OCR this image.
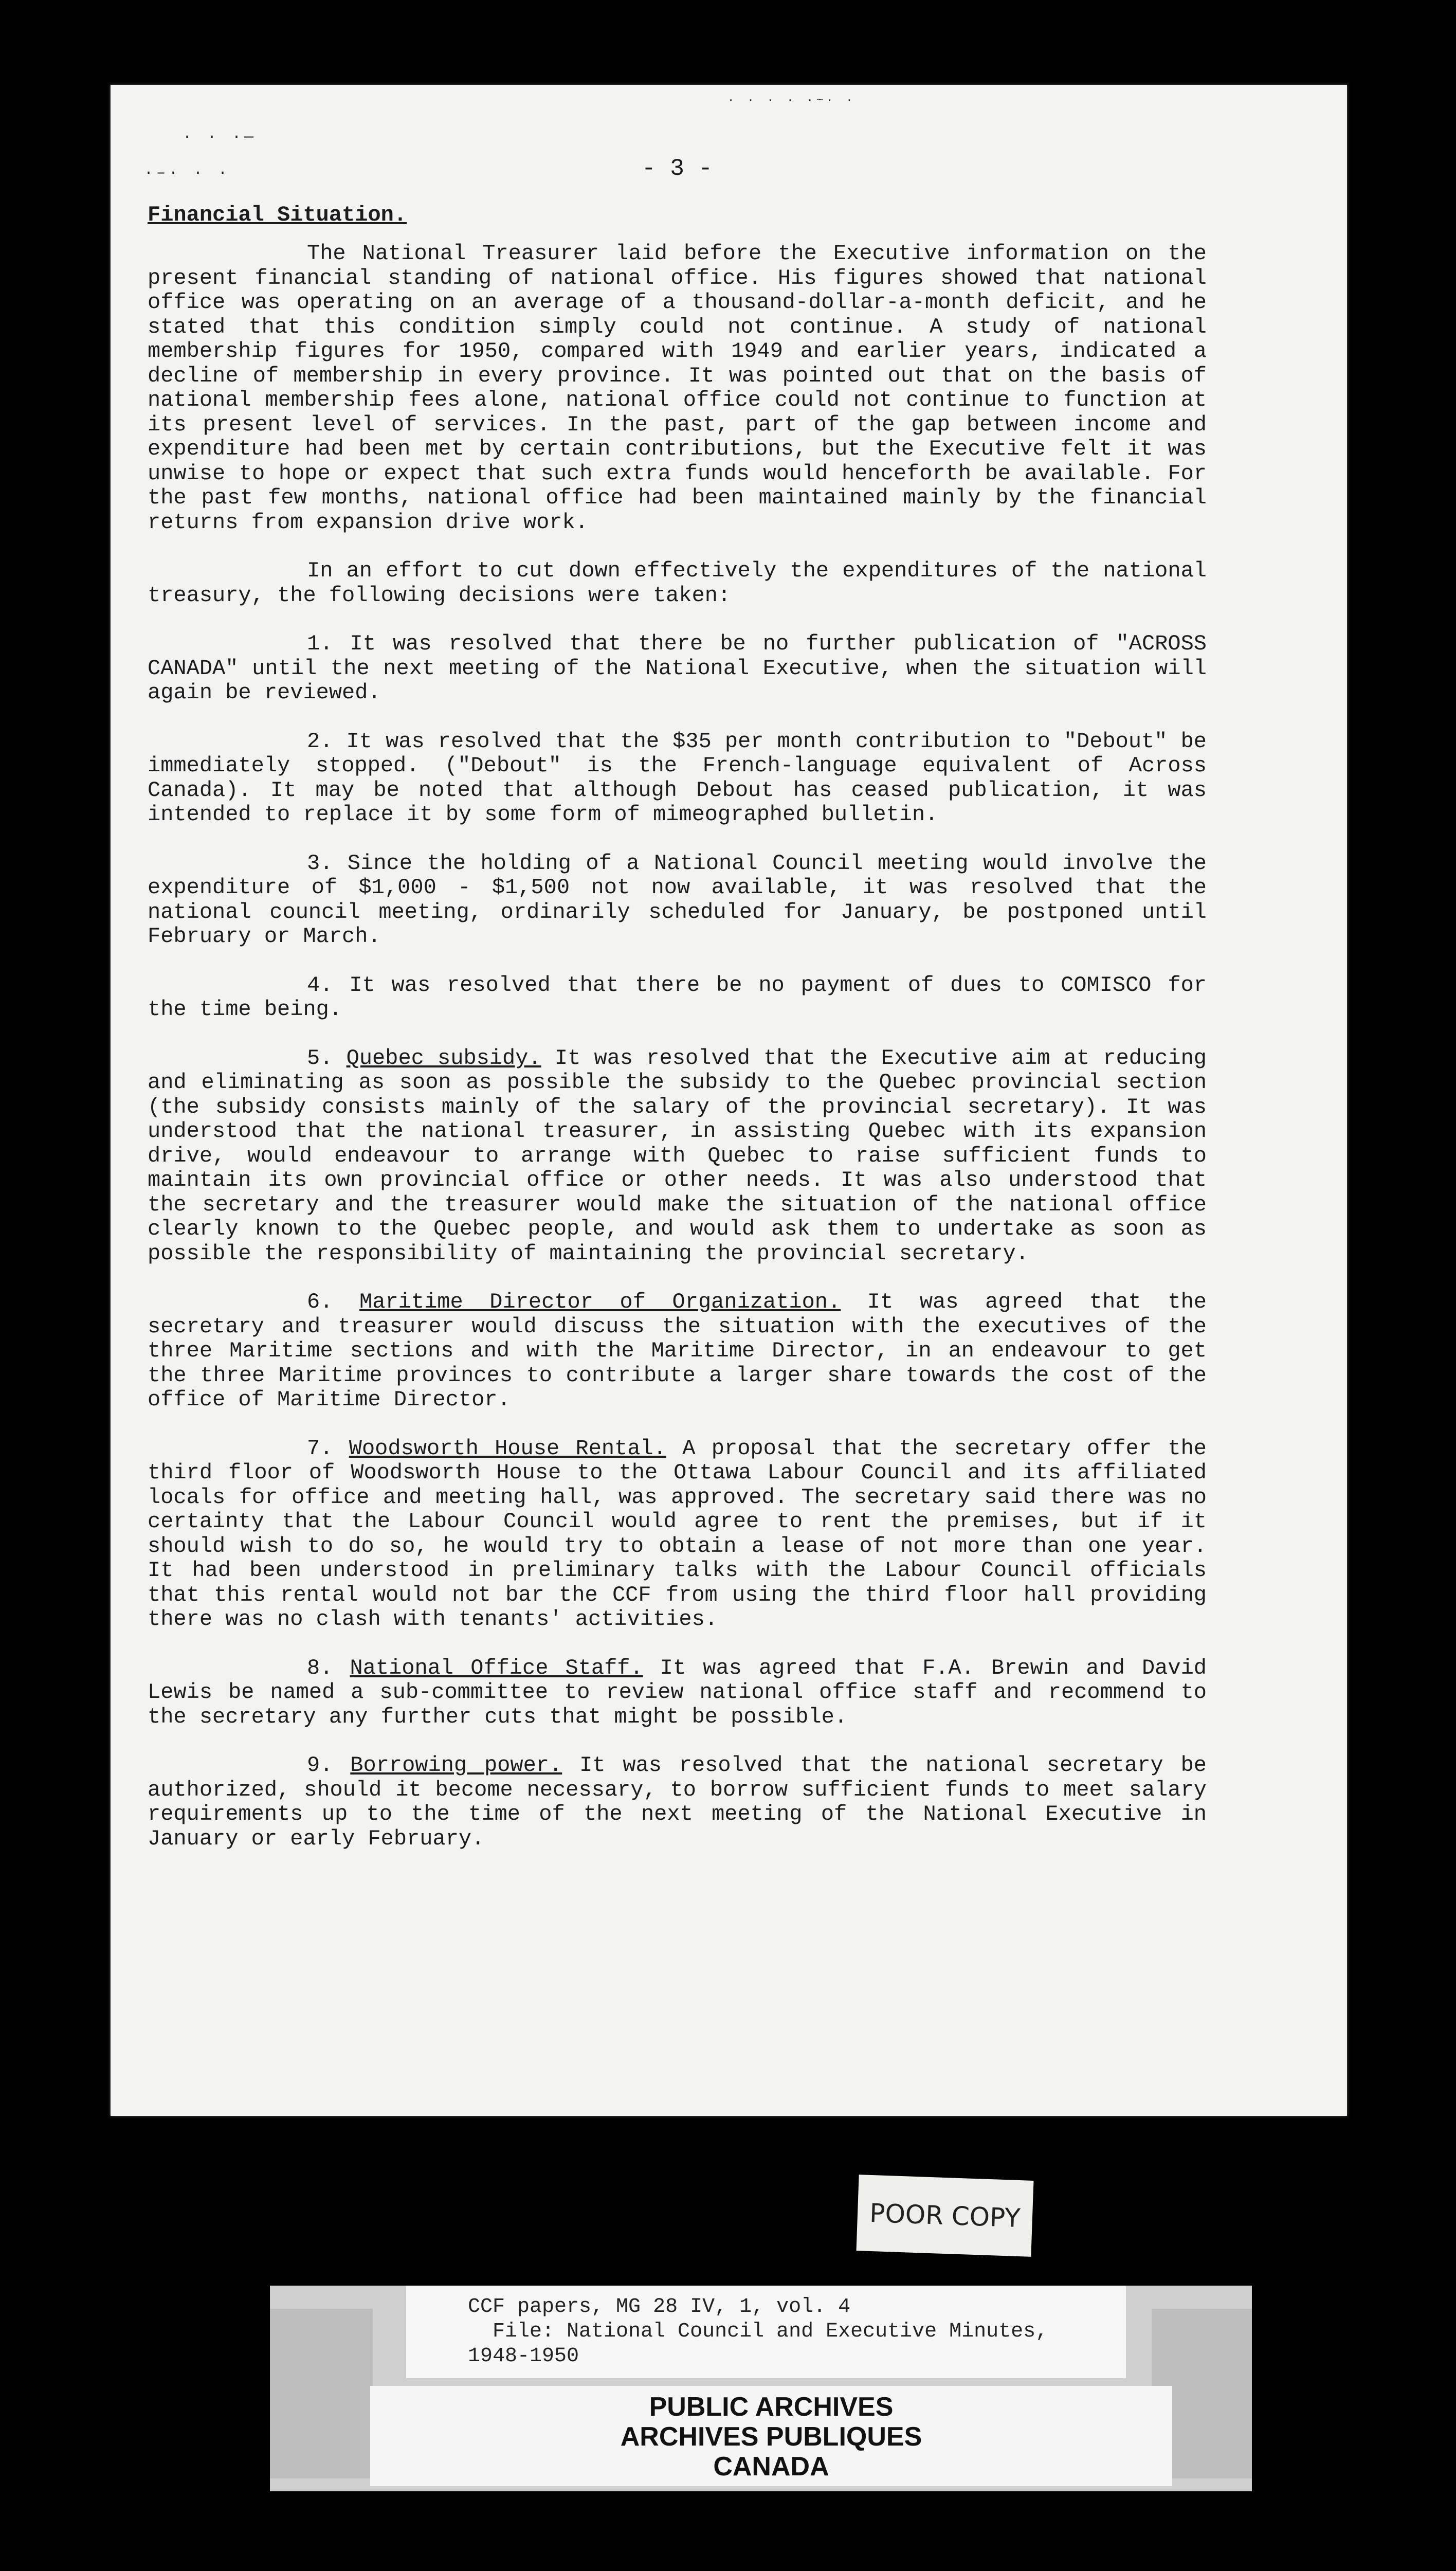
· · ·—
·–· · ·
· · · · ·~· ·
- 3 -
Financial Situation.

The National Treasurer laid before the Executive information on the present financial standing of national office. His figures showed that national office was operating on an average of a thousand-dollar-a-month deficit, and he stated that this condition simply could not continue. A study of national membership figures for 1950, compared with 1949 and earlier years, indicated a decline of membership in every province. It was pointed out that on the basis of national membership fees alone, national office could not continue to function at its present level of services. In the past, part of the gap between income and expenditure had been met by certain contributions, but the Executive felt it was unwise to hope or expect that such extra funds would henceforth be available. For the past few months, national office had been maintained mainly by the financial returns from expansion drive work.

In an effort to cut down effectively the expenditures of the national treasury, the following decisions were taken:

1. It was resolved that there be no further publication of "ACROSS CANADA" until the next meeting of the National Executive, when the situation will again be reviewed.

2. It was resolved that the $35 per month contribution to "Debout" be immediately stopped. ("Debout" is the French-language equivalent of Across Canada). It may be noted that although Debout has ceased publication, it was intended to replace it by some form of mimeographed bulletin.

3. Since the holding of a National Council meeting would involve the expenditure of $1,000 - $1,500 not now available, it was resolved that the national council meeting, ordinarily scheduled for January, be postponed until February or March.

4. It was resolved that there be no payment of dues to COMISCO for the time being.

5. Quebec subsidy. It was resolved that the Executive aim at reducing and eliminating as soon as possible the subsidy to the Quebec provincial section (the subsidy consists mainly of the salary of the provincial secretary). It was understood that the national treasurer, in assisting Quebec with its expansion drive, would endeavour to arrange with Quebec to raise sufficient funds to maintain its own provincial office or other needs. It was also understood that the secretary and the treasurer would make the situation of the national office clearly known to the Quebec people, and would ask them to undertake as soon as possible the responsibility of maintaining the provincial secretary.

6. Maritime Director of Organization. It was agreed that the secretary and treasurer would discuss the situation with the executives of the three Maritime sections and with the Maritime Director, in an endeavour to get the three Maritime provinces to contribute a larger share towards the cost of the office of Maritime Director.

7. Woodsworth House Rental. A proposal that the secretary offer the third floor of Woodsworth House to the Ottawa Labour Council and its affiliated locals for office and meeting hall, was approved. The secretary said there was no certainty that the Labour Council would agree to rent the premises, but if it should wish to do so, he would try to obtain a lease of not more than one year. It had been understood in preliminary talks with the Labour Council officials that this rental would not bar the CCF from using the third floor hall providing there was no clash with tenants' activities.

8. National Office Staff. It was agreed that F.A. Brewin and David Lewis be named a sub-committee to review national office staff and recommend to the secretary any further cuts that might be possible.

9. Borrowing power. It was resolved that the national secretary be authorized, should it become necessary, to borrow sufficient funds to meet salary requirements up to the time of the next meeting of the National Executive in January or early February.

POOR COPY
CCF papers, MG 28 IV, 1, vol. 4
File: National Council and Executive Minutes,
1948-1950
PUBLIC ARCHIVES
ARCHIVES PUBLIQUES
CANADA
